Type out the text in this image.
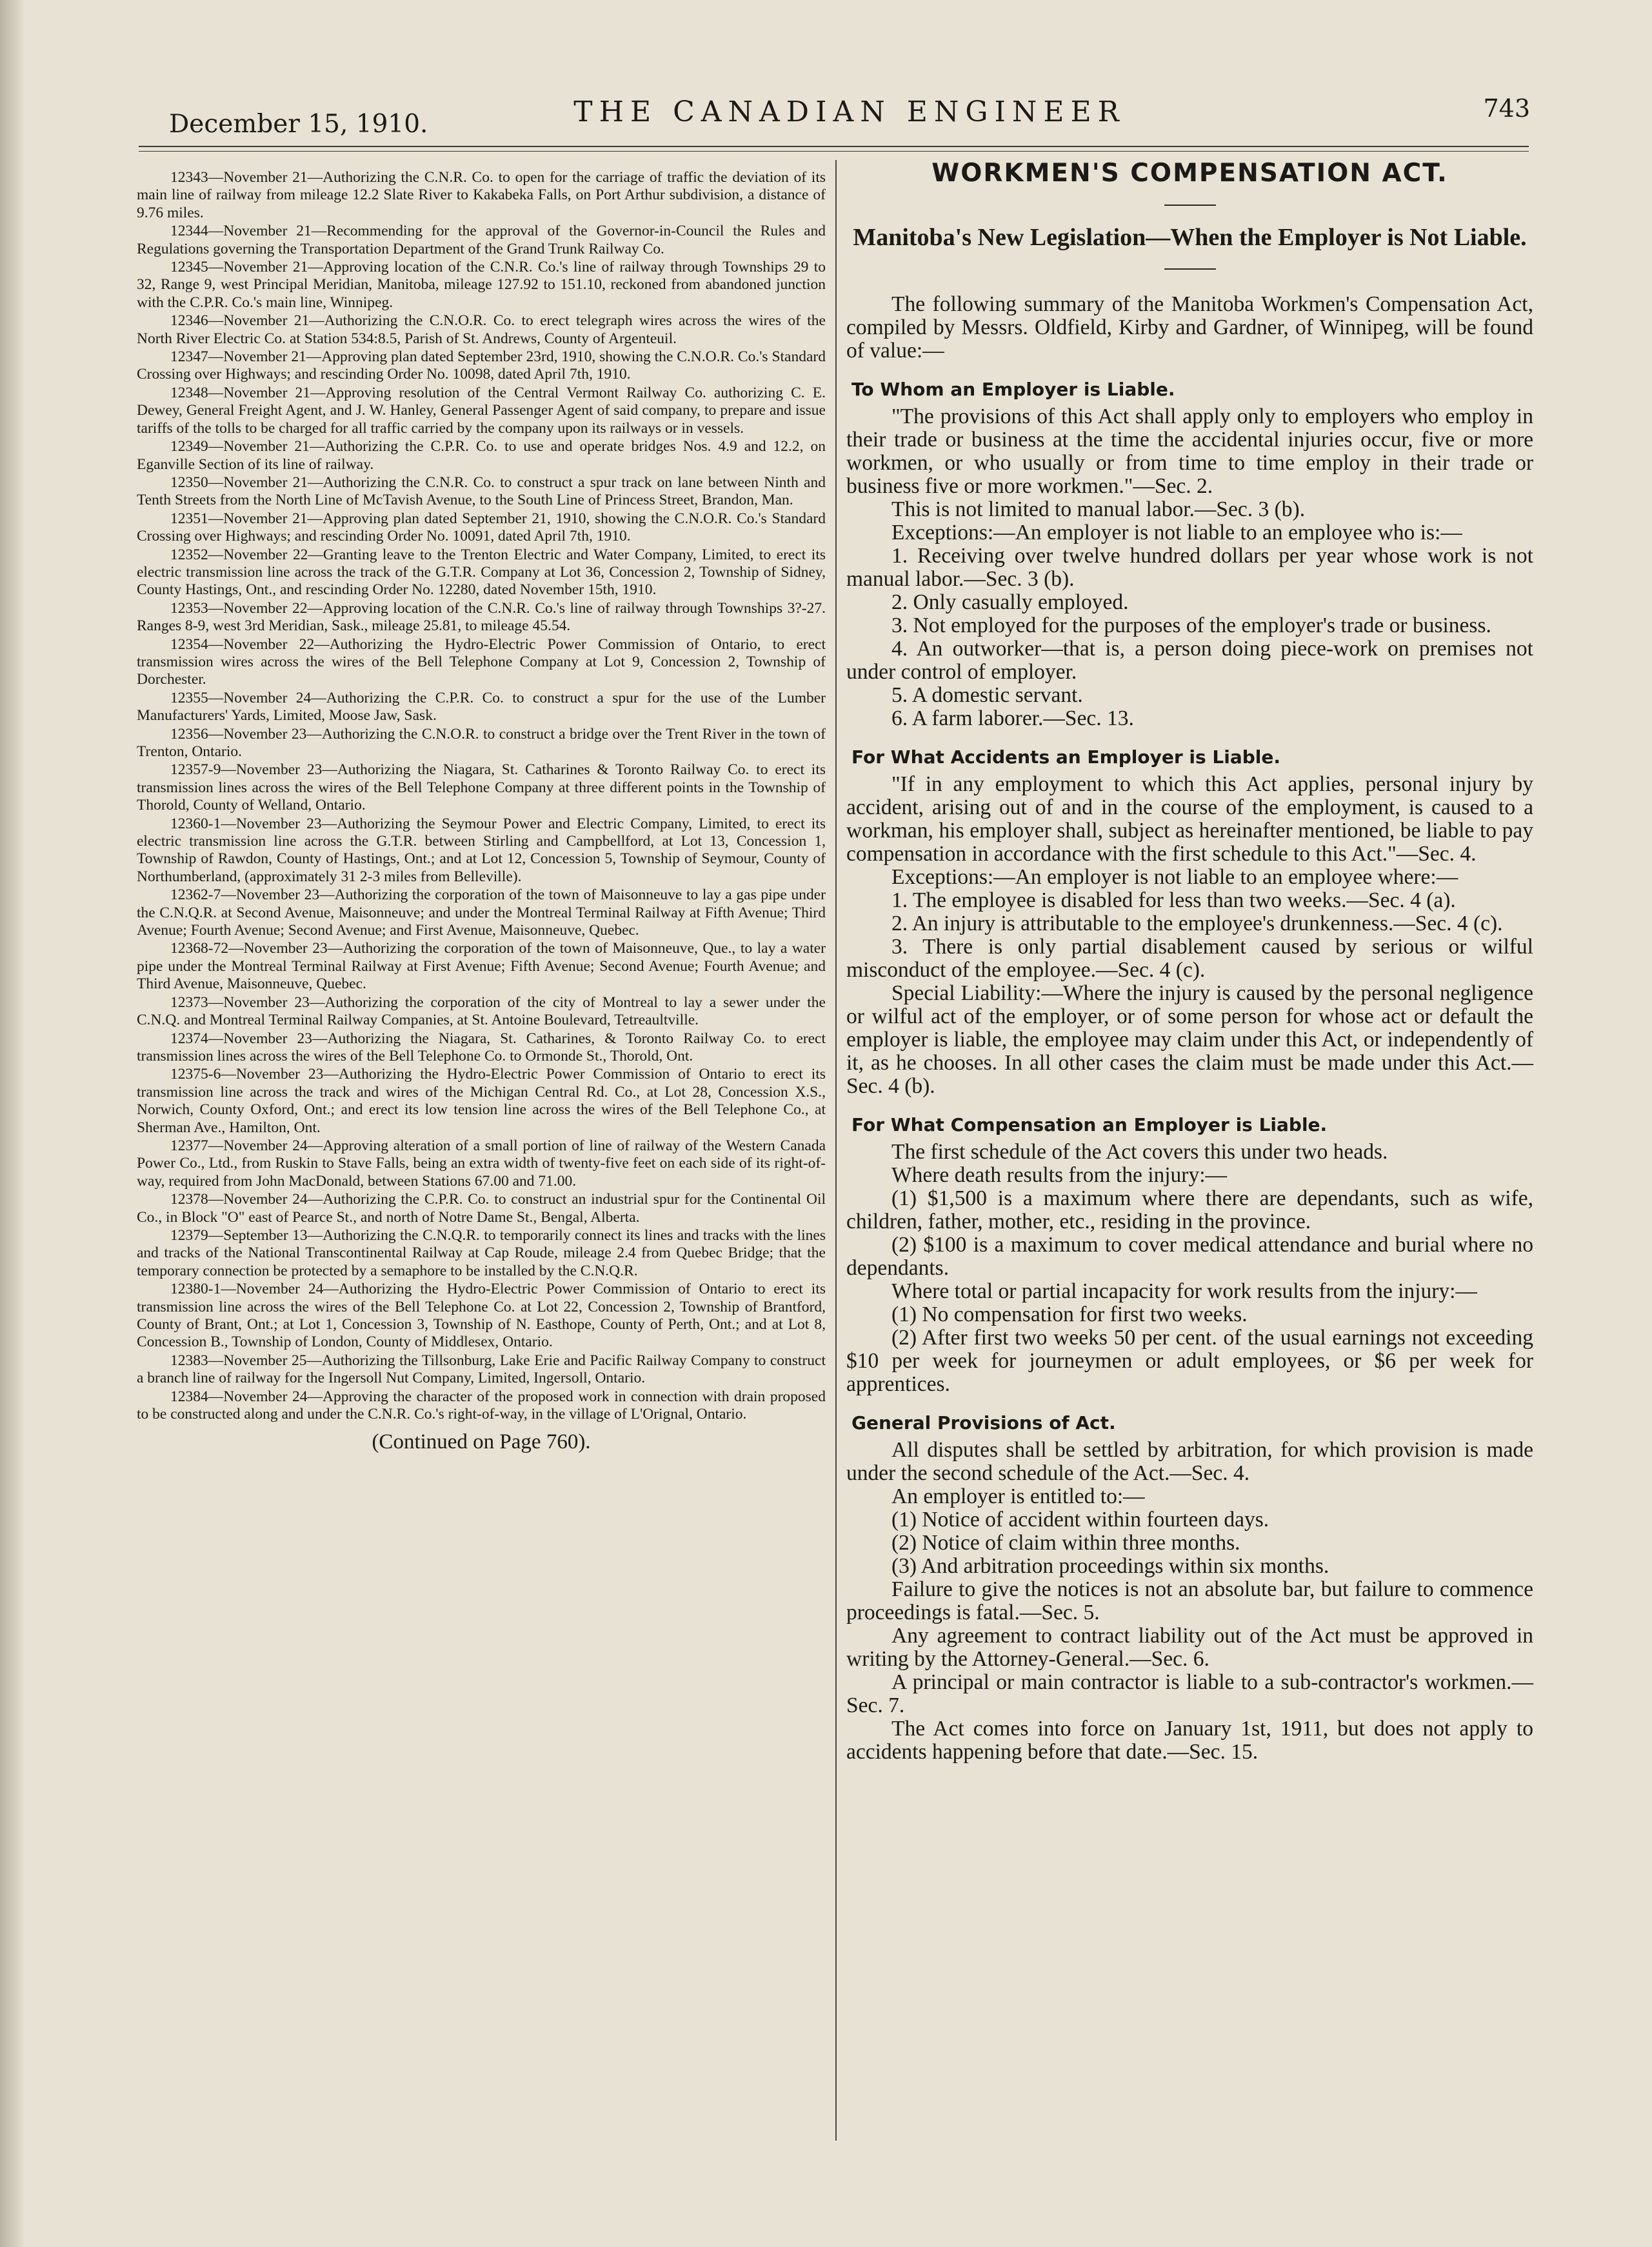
December 15, 1910.	THE CANADIAN ENGINEER	743

12343—November 21—Authorizing the C.N.R. Co. to open for the carriage of traffic the deviation of its main line of railway from mileage 12.2 Slate River to Kakabeka Falls, on Port Arthur subdivision, a distance of 9.76 miles.

12344—November 21—Recommending for the approval of the Governor-in-Council the Rules and Regulations governing the Transportation Department of the Grand Trunk Railway Co.

12345—November 21—Approving location of the C.N.R. Co.'s line of railway through Townships 29 to 32, Range 9, west Principal Meridian, Manitoba, mileage 127.92 to 151.10, reckoned from abandoned junction with the C.P.R. Co.'s main line, Winnipeg.

12346—November 21—Authorizing the C.N.O.R. Co. to erect telegraph wires across the wires of the North River Electric Co. at Station 534:8.5, Parish of St. Andrews, County of Argenteuil.

12347—November 21—Approving plan dated September 23rd, 1910, showing the C.N.O.R. Co.'s Standard Crossing over Highways; and rescinding Order No. 10098, dated April 7th, 1910.

12348—November 21—Approving resolution of the Central Vermont Railway Co. authorizing C. E. Dewey, General Freight Agent, and J. W. Hanley, General Passenger Agent of said company, to prepare and issue tariffs of the tolls to be charged for all traffic carried by the company upon its railways or in vessels.

12349—November 21—Authorizing the C.P.R. Co. to use and operate bridges Nos. 4.9 and 12.2, on Eganville Section of its line of railway.

12350—November 21—Authorizing the C.N.R. Co. to construct a spur track on lane between Ninth and Tenth Streets from the North Line of McTavish Avenue, to the South Line of Princess Street, Brandon, Man.

12351—November 21—Approving plan dated September 21, 1910, showing the C.N.O.R. Co.'s Standard Crossing over Highways; and rescinding Order No. 10091, dated April 7th, 1910.

12352—November 22—Granting leave to the Trenton Electric and Water Company, Limited, to erect its electric transmission line across the track of the G.T.R. Company at Lot 36, Concession 2, Township of Sidney, County Hastings, Ont., and rescinding Order No. 12280, dated November 15th, 1910.

12353—November 22—Approving location of the C.N.R. Co.'s line of railway through Townships 3?-27. Ranges 8-9, west 3rd Meridian, Sask., mileage 25.81, to mileage 45.54.

12354—November 22—Authorizing the Hydro-Electric Power Commission of Ontario, to erect transmission wires across the wires of the Bell Telephone Company at Lot 9, Concession 2, Township of Dorchester.

12355—November 24—Authorizing the C.P.R. Co. to construct a spur for the use of the Lumber Manufacturers' Yards, Limited, Moose Jaw, Sask.

12356—November 23—Authorizing the C.N.O.R. to construct a bridge over the Trent River in the town of Trenton, Ontario.

12357-9—November 23—Authorizing the Niagara, St. Catharines & Toronto Railway Co. to erect its transmission lines across the wires of the Bell Telephone Company at three different points in the Township of Thorold, County of Welland, Ontario.

12360-1—November 23—Authorizing the Seymour Power and Electric Company, Limited, to erect its electric transmission line across the G.T.R. between Stirling and Campbellford, at Lot 13, Concession 1, Township of Rawdon, County of Hastings, Ont.; and at Lot 12, Concession 5, Township of Seymour, County of Northumberland, (approximately 31 2-3 miles from Belleville).

12362-7—November 23—Authorizing the corporation of the town of Maisonneuve to lay a gas pipe under the C.N.Q.R. at Second Avenue, Maisonneuve; and under the Montreal Terminal Railway at Fifth Avenue; Third Avenue; Fourth Avenue; Second Avenue; and First Avenue, Maisonneuve, Quebec.

12368-72—November 23—Authorizing the corporation of the town of Maisonneuve, Que., to lay a water pipe under the Montreal Terminal Railway at First Avenue; Fifth Avenue; Second Avenue; Fourth Avenue; and Third Avenue, Maisonneuve, Quebec.

12373—November 23—Authorizing the corporation of the city of Montreal to lay a sewer under the C.N.Q. and Montreal Terminal Railway Companies, at St. Antoine Boulevard, Tetreaultville.

12374—November 23—Authorizing the Niagara, St. Catharines, & Toronto Railway Co. to erect transmission lines across the wires of the Bell Telephone Co. to Ormonde St., Thorold, Ont.

12375-6—November 23—Authorizing the Hydro-Electric Power Commission of Ontario to erect its transmission line across the track and wires of the Michigan Central Rd. Co., at Lot 28, Concession X.S., Norwich, County Oxford, Ont.; and erect its low tension line across the wires of the Bell Telephone Co., at Sherman Ave., Hamilton, Ont.

12377—November 24—Approving alteration of a small portion of line of railway of the Western Canada Power Co., Ltd., from Ruskin to Stave Falls, being an extra width of twenty-five feet on each side of its right-of-way, required from John MacDonald, between Stations 67.00 and 71.00.

12378—November 24—Authorizing the C.P.R. Co. to construct an industrial spur for the Continental Oil Co., in Block "O" east of Pearce St., and north of Notre Dame St., Bengal, Alberta.

12379—September 13—Authorizing the C.N.Q.R. to temporarily connect its lines and tracks with the lines and tracks of the National Transcontinental Railway at Cap Roude, mileage 2.4 from Quebec Bridge; that the temporary connection be protected by a semaphore to be installed by the C.N.Q.R.

12380-1—November 24—Authorizing the Hydro-Electric Power Commission of Ontario to erect its transmission line across the wires of the Bell Telephone Co. at Lot 22, Concession 2, Township of Brantford, County of Brant, Ont.; at Lot 1, Concession 3, Township of N. Easthope, County of Perth, Ont.; and at Lot 8, Concession B., Township of London, County of Middlesex, Ontario.

12383—November 25—Authorizing the Tillsonburg, Lake Erie and Pacific Railway Company to construct a branch line of railway for the Ingersoll Nut Company, Limited, Ingersoll, Ontario.

12384—November 24—Approving the character of the proposed work in connection with drain proposed to be constructed along and under the C.N.R. Co.'s right-of-way, in the village of L'Orignal, Ontario.

(Continued on Page 760).

WORKMEN'S COMPENSATION ACT.
Manitoba's New Legislation—When the Employer is Not Liable.

The following summary of the Manitoba Workmen's Compensation Act, compiled by Messrs. Oldfield, Kirby and Gardner, of Winnipeg, will be found of value:—

To Whom an Employer is Liable.

"The provisions of this Act shall apply only to employers who employ in their trade or business at the time the accidental injuries occur, five or more workmen, or who usually or from time to time employ in their trade or business five or more workmen."—Sec. 2.

This is not limited to manual labor.—Sec. 3 (b).

Exceptions:—An employer is not liable to an employee who is:—

1. Receiving over twelve hundred dollars per year whose work is not manual labor.—Sec. 3 (b).

2. Only casually employed.

3. Not employed for the purposes of the employer's trade or business.

4. An outworker—that is, a person doing piece-work on premises not under control of employer.

5. A domestic servant.

6. A farm laborer.—Sec. 13.

For What Accidents an Employer is Liable.

"If in any employment to which this Act applies, personal injury by accident, arising out of and in the course of the employment, is caused to a workman, his employer shall, subject as hereinafter mentioned, be liable to pay compensation in accordance with the first schedule to this Act."—Sec. 4.

Exceptions:—An employer is not liable to an employee where:—

1. The employee is disabled for less than two weeks.—Sec. 4 (a).

2. An injury is attributable to the employee's drunkenness.—Sec. 4 (c).

3. There is only partial disablement caused by serious or wilful misconduct of the employee.—Sec. 4 (c).

Special Liability:—Where the injury is caused by the personal negligence or wilful act of the employer, or of some person for whose act or default the employer is liable, the employee may claim under this Act, or independently of it, as he chooses. In all other cases the claim must be made under this Act.—Sec. 4 (b).

For What Compensation an Employer is Liable.

The first schedule of the Act covers this under two heads.

Where death results from the injury:—

(1) $1,500 is a maximum where there are dependants, such as wife, children, father, mother, etc., residing in the province.

(2) $100 is a maximum to cover medical attendance and burial where no dependants.

Where total or partial incapacity for work results from the injury:—

(1) No compensation for first two weeks.

(2) After first two weeks 50 per cent. of the usual earnings not exceeding $10 per week for journeymen or adult employees, or $6 per week for apprentices.

General Provisions of Act.

All disputes shall be settled by arbitration, for which provision is made under the second schedule of the Act.—Sec. 4.

An employer is entitled to:—

(1) Notice of accident within fourteen days.

(2) Notice of claim within three months.

(3) And arbitration proceedings within six months.

Failure to give the notices is not an absolute bar, but failure to commence proceedings is fatal.—Sec. 5.

Any agreement to contract liability out of the Act must be approved in writing by the Attorney-General.—Sec. 6.

A principal or main contractor is liable to a sub-contractor's workmen.—Sec. 7.

The Act comes into force on January 1st, 1911, but does not apply to accidents happening before that date.—Sec. 15.
